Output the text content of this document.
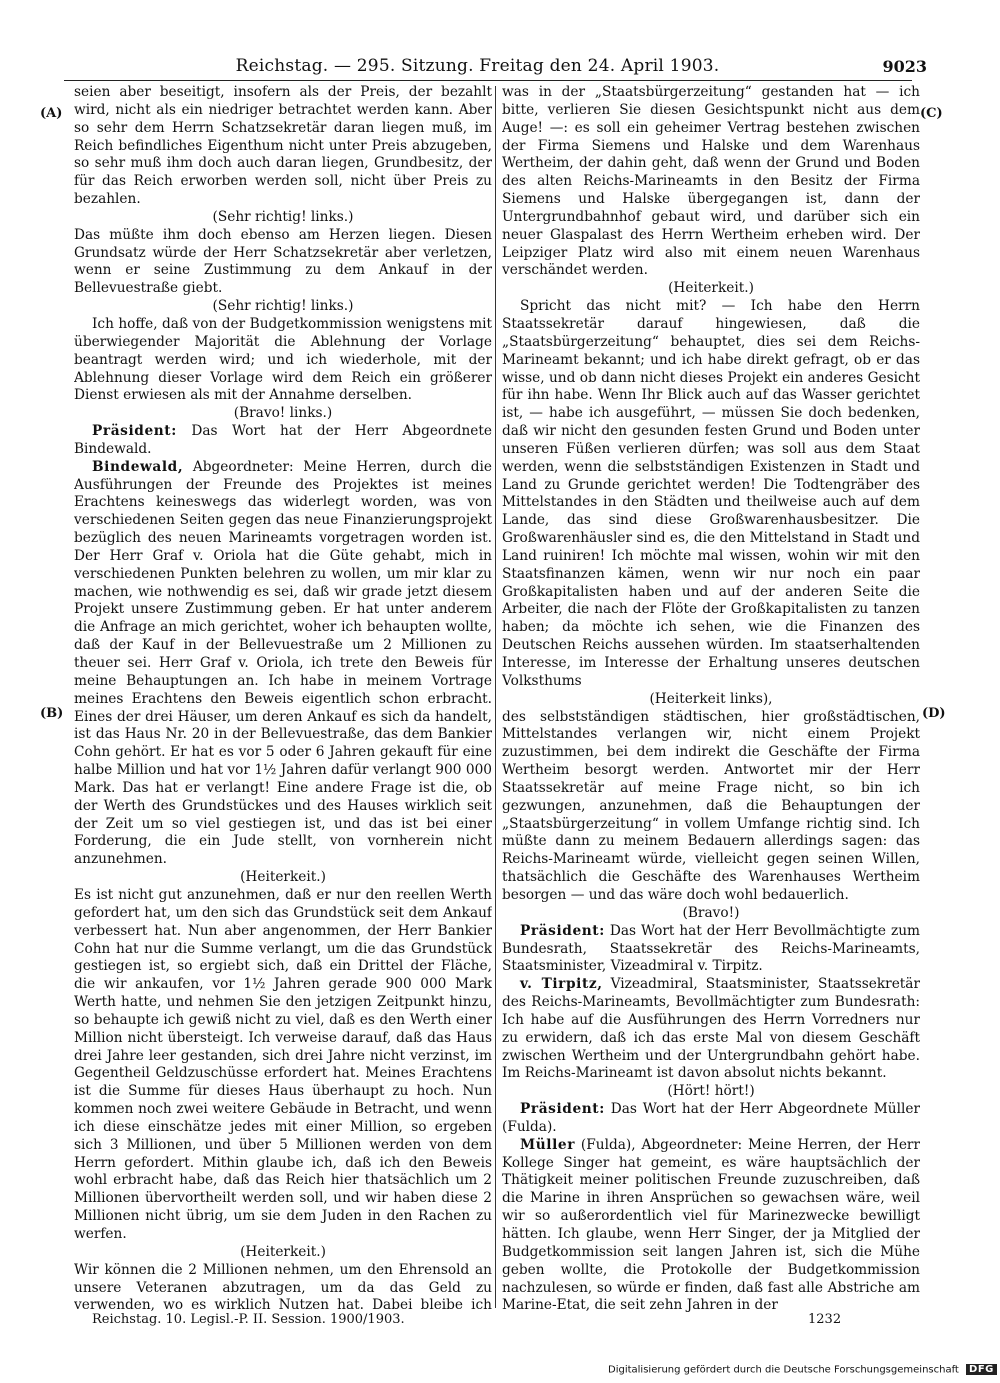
Reichstag. — 295. Sitzung. Freitag den 24. April 1903.	9023
(A)
(B)
(C)
(D)

seien aber beseitigt, insofern als der Preis, der bezahlt wird, nicht als ein niedriger betrachtet werden kann. Aber so sehr dem Herrn Schatzsekretär daran liegen muß, im Reich befindliches Eigenthum nicht unter Preis abzugeben, so sehr muß ihm doch auch daran liegen, Grundbesitz, der für das Reich erworben werden soll, nicht über Preis zu bezahlen.

(Sehr richtig! links.)

Das müßte ihm doch ebenso am Herzen liegen. Diesen Grundsatz würde der Herr Schatzsekretär aber verletzen, wenn er seine Zustimmung zu dem Ankauf in der Bellevuestraße giebt.

(Sehr richtig! links.)

Ich hoffe, daß von der Budgetkommission wenigstens mit überwiegender Majorität die Ablehnung der Vorlage beantragt werden wird; und ich wiederhole, mit der Ablehnung dieser Vorlage wird dem Reich ein größerer Dienst erwiesen als mit der Annahme derselben.

(Bravo! links.)

Präsident: Das Wort hat der Herr Abgeordnete Bindewald.

Bindewald, Abgeordneter: Meine Herren, durch die Ausführungen der Freunde des Projektes ist meines Erachtens keineswegs das widerlegt worden, was von verschiedenen Seiten gegen das neue Finanzierungsprojekt bezüglich des neuen Marineamts vorgetragen worden ist. Der Herr Graf v. Oriola hat die Güte gehabt, mich in verschiedenen Punkten belehren zu wollen, um mir klar zu machen, wie nothwendig es sei, daß wir grade jetzt diesem Projekt unsere Zustimmung geben. Er hat unter anderem die Anfrage an mich gerichtet, woher ich behaupten wollte, daß der Kauf in der Bellevuestraße um 2 Millionen zu theuer sei. Herr Graf v. Oriola, ich trete den Beweis für meine Behauptungen an. Ich habe in meinem Vortrage meines Erachtens den Beweis eigentlich schon erbracht. Eines der drei Häuser, um deren Ankauf es sich da handelt, ist das Haus Nr. 20 in der Bellevuestraße, das dem Bankier Cohn gehört. Er hat es vor 5 oder 6 Jahren gekauft für eine halbe Million und hat vor 1½ Jahren dafür verlangt 900 000 Mark. Das hat er verlangt! Eine andere Frage ist die, ob der Werth des Grundstückes und des Hauses wirklich seit der Zeit um so viel gestiegen ist, und das ist bei einer Forderung, die ein Jude stellt, von vornherein nicht anzunehmen.

(Heiterkeit.)

Es ist nicht gut anzunehmen, daß er nur den reellen Werth gefordert hat, um den sich das Grundstück seit dem Ankauf verbessert hat. Nun aber angenommen, der Herr Bankier Cohn hat nur die Summe verlangt, um die das Grundstück gestiegen ist, so ergiebt sich, daß ein Drittel der Fläche, die wir ankaufen, vor 1½ Jahren gerade 900 000 Mark Werth hatte, und nehmen Sie den jetzigen Zeitpunkt hinzu, so behaupte ich gewiß nicht zu viel, daß es den Werth einer Million nicht übersteigt. Ich verweise darauf, daß das Haus drei Jahre leer gestanden, sich drei Jahre nicht verzinst, im Gegentheil Geldzuschüsse erfordert hat. Meines Erachtens ist die Summe für dieses Haus überhaupt zu hoch. Nun kommen noch zwei weitere Gebäude in Betracht, und wenn ich diese einschätze jedes mit einer Million, so ergeben sich 3 Millionen, und über 5 Millionen werden von dem Herrn gefordert. Mithin glaube ich, daß ich den Beweis wohl erbracht habe, daß das Reich hier thatsächlich um 2 Millionen übervortheilt werden soll, und wir haben diese 2 Millionen nicht übrig, um sie dem Juden in den Rachen zu werfen.

(Heiterkeit.)

Wir können die 2 Millionen nehmen, um den Ehrensold an unsere Veteranen abzutragen, um da das Geld zu verwenden, wo es wirklich Nutzen hat. Dabei bleibe ich

was in der „Staatsbürgerzeitung“ gestanden hat — ich bitte, verlieren Sie diesen Gesichtspunkt nicht aus dem Auge! —: es soll ein geheimer Vertrag bestehen zwischen der Firma Siemens und Halske und dem Warenhaus Wertheim, der dahin geht, daß wenn der Grund und Boden des alten Reichs-Marineamts in den Besitz der Firma Siemens und Halske übergegangen ist, dann der Untergrundbahnhof gebaut wird, und darüber sich ein neuer Glaspalast des Herrn Wertheim erheben wird. Der Leipziger Platz wird also mit einem neuen Warenhaus verschändet werden.

(Heiterkeit.)

Spricht das nicht mit? — Ich habe den Herrn Staatssekretär darauf hingewiesen, daß die „Staatsbürgerzeitung“ behauptet, dies sei dem Reichs-Marineamt bekannt; und ich habe direkt gefragt, ob er das wisse, und ob dann nicht dieses Projekt ein anderes Gesicht für ihn habe. Wenn Ihr Blick auch auf das Wasser gerichtet ist, — habe ich ausgeführt, — müssen Sie doch bedenken, daß wir nicht den gesunden festen Grund und Boden unter unseren Füßen verlieren dürfen; was soll aus dem Staat werden, wenn die selbstständigen Existenzen in Stadt und Land zu Grunde gerichtet werden! Die Todtengräber des Mittelstandes in den Städten und theilweise auch auf dem Lande, das sind diese Großwarenhausbesitzer. Die Großwarenhäusler sind es, die den Mittelstand in Stadt und Land ruiniren! Ich möchte mal wissen, wohin wir mit den Staatsfinanzen kämen, wenn wir nur noch ein paar Großkapitalisten haben und auf der anderen Seite die Arbeiter, die nach der Flöte der Großkapitalisten zu tanzen haben; da möchte ich sehen, wie die Finanzen des Deutschen Reichs aussehen würden. Im staatserhaltenden Interesse, im Interesse der Erhaltung unseres deutschen Volksthums

(Heiterkeit links),

des selbstständigen städtischen, hier großstädtischen, Mittelstandes verlangen wir, nicht einem Projekt zuzustimmen, bei dem indirekt die Geschäfte der Firma Wertheim besorgt werden. Antwortet mir der Herr Staatssekretär auf meine Frage nicht, so bin ich gezwungen, anzunehmen, daß die Behauptungen der „Staatsbürgerzeitung“ in vollem Umfange richtig sind. Ich müßte dann zu meinem Bedauern allerdings sagen: das Reichs-Marineamt würde, vielleicht gegen seinen Willen, thatsächlich die Geschäfte des Warenhauses Wertheim besorgen — und das wäre doch wohl bedauerlich.

(Bravo!)

Präsident: Das Wort hat der Herr Bevollmächtigte zum Bundesrath, Staatssekretär des Reichs-Marineamts, Staatsminister, Vizeadmiral v. Tirpitz.

v. Tirpitz, Vizeadmiral, Staatsminister, Staatssekretär des Reichs-Marineamts, Bevollmächtigter zum Bundesrath: Ich habe auf die Ausführungen des Herrn Vorredners nur zu erwidern, daß ich das erste Mal von diesem Geschäft zwischen Wertheim und der Untergrundbahn gehört habe. Im Reichs-Marineamt ist davon absolut nichts bekannt.

(Hört! hört!)

Präsident: Das Wort hat der Herr Abgeordnete Müller (Fulda).

Müller (Fulda), Abgeordneter: Meine Herren, der Herr Kollege Singer hat gemeint, es wäre hauptsächlich der Thätigkeit meiner politischen Freunde zuzuschreiben, daß die Marine in ihren Ansprüchen so gewachsen wäre, weil wir so außerordentlich viel für Marinezwecke bewilligt hätten. Ich glaube, wenn Herr Singer, der ja Mitglied der Budgetkommission seit langen Jahren ist, sich die Mühe geben wollte, die Protokolle der Budgetkommission nachzulesen, so würde er finden, daß fast alle Abstriche am Marine-Etat, die seit zehn Jahren in der

Reichstag. 10. Legisl.-P. II. Session. 1900/1903.	1232
Digitalisierung gefördert durch die Deutsche Forschungsgemeinschaft DFG
